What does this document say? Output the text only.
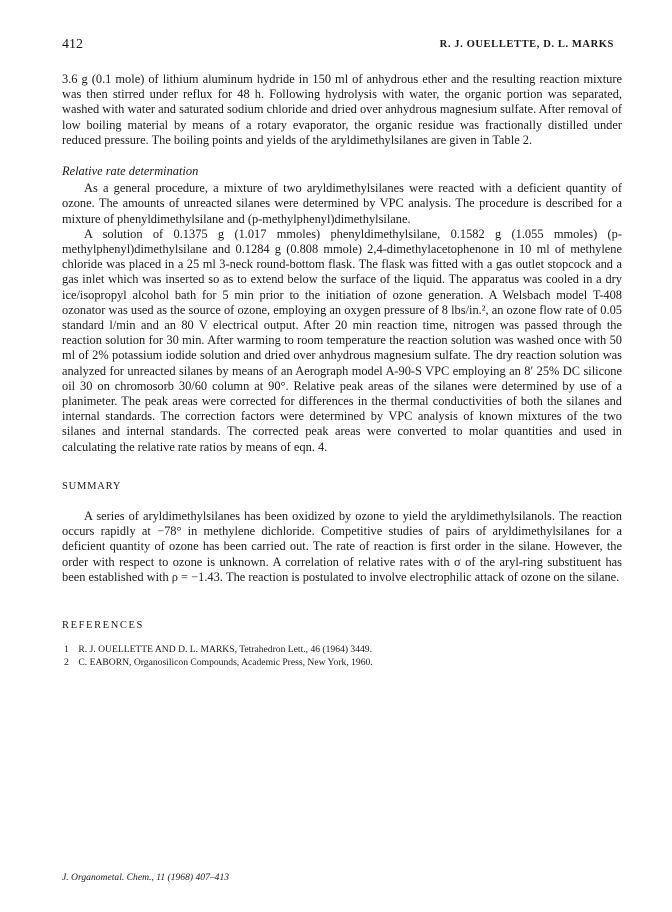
412	R. J. OUELLETTE, D. L. MARKS

3.6 g (0.1 mole) of lithium aluminum hydride in 150 ml of anhydrous ether and the resulting reaction mixture was then stirred under reflux for 48 h. Following hydrolysis with water, the organic portion was separated, washed with water and saturated sodium chloride and dried over anhydrous magnesium sulfate. After removal of low boiling material by means of a rotary evaporator, the organic residue was fractionally distilled under reduced pressure. The boiling points and yields of the aryldimethylsilanes are given in Table 2.

Relative rate determination

As a general procedure, a mixture of two aryldimethylsilanes were reacted with a deficient quantity of ozone. The amounts of unreacted silanes were determined by VPC analysis. The procedure is described for a mixture of phenyldimethylsilane and (p-methylphenyl)dimethylsilane.

A solution of 0.1375 g (1.017 mmoles) phenyldimethylsilane, 0.1582 g (1.055 mmoles) (p-methylphenyl)dimethylsilane and 0.1284 g (0.808 mmole) 2,4-dimethylacetophenone in 10 ml of methylene chloride was placed in a 25 ml 3-neck round-bottom flask. The flask was fitted with a gas outlet stopcock and a gas inlet which was inserted so as to extend below the surface of the liquid. The apparatus was cooled in a dry ice/isopropyl alcohol bath for 5 min prior to the initiation of ozone generation. A Welsbach model T-408 ozonator was used as the source of ozone, employing an oxygen pressure of 8 lbs/in.², an ozone flow rate of 0.05 standard l/min and an 80 V electrical output. After 20 min reaction time, nitrogen was passed through the reaction solution for 30 min. After warming to room temperature the reaction solution was washed once with 50 ml of 2% potassium iodide solution and dried over anhydrous magnesium sulfate. The dry reaction solution was analyzed for unreacted silanes by means of an Aerograph model A-90-S VPC employing an 8′ 25% DC silicone oil 30 on chromosorb 30/60 column at 90°. Relative peak areas of the silanes were determined by use of a planimeter. The peak areas were corrected for differences in the thermal conductivities of both the silanes and internal standards. The correction factors were determined by VPC analysis of known mixtures of the two silanes and internal standards. The corrected peak areas were converted to molar quantities and used in calculating the relative rate ratios by means of eqn. 4.

SUMMARY

A series of aryldimethylsilanes has been oxidized by ozone to yield the aryldimethylsilanols. The reaction occurs rapidly at −78° in methylene dichloride. Competitive studies of pairs of aryldimethylsilanes for a deficient quantity of ozone has been carried out. The rate of reaction is first order in the silane. However, the order with respect to ozone is unknown. A correlation of relative rates with σ of the aryl-ring substituent has been established with ρ = −1.43. The reaction is postulated to involve electrophilic attack of ozone on the silane.

REFERENCES

1 R. J. OUELLETTE AND D. L. MARKS, Tetrahedron Lett., 46 (1964) 3449.
2 C. EABORN, Organosilicon Compounds, Academic Press, New York, 1960.
J. Organometal. Chem., 11 (1968) 407–413
